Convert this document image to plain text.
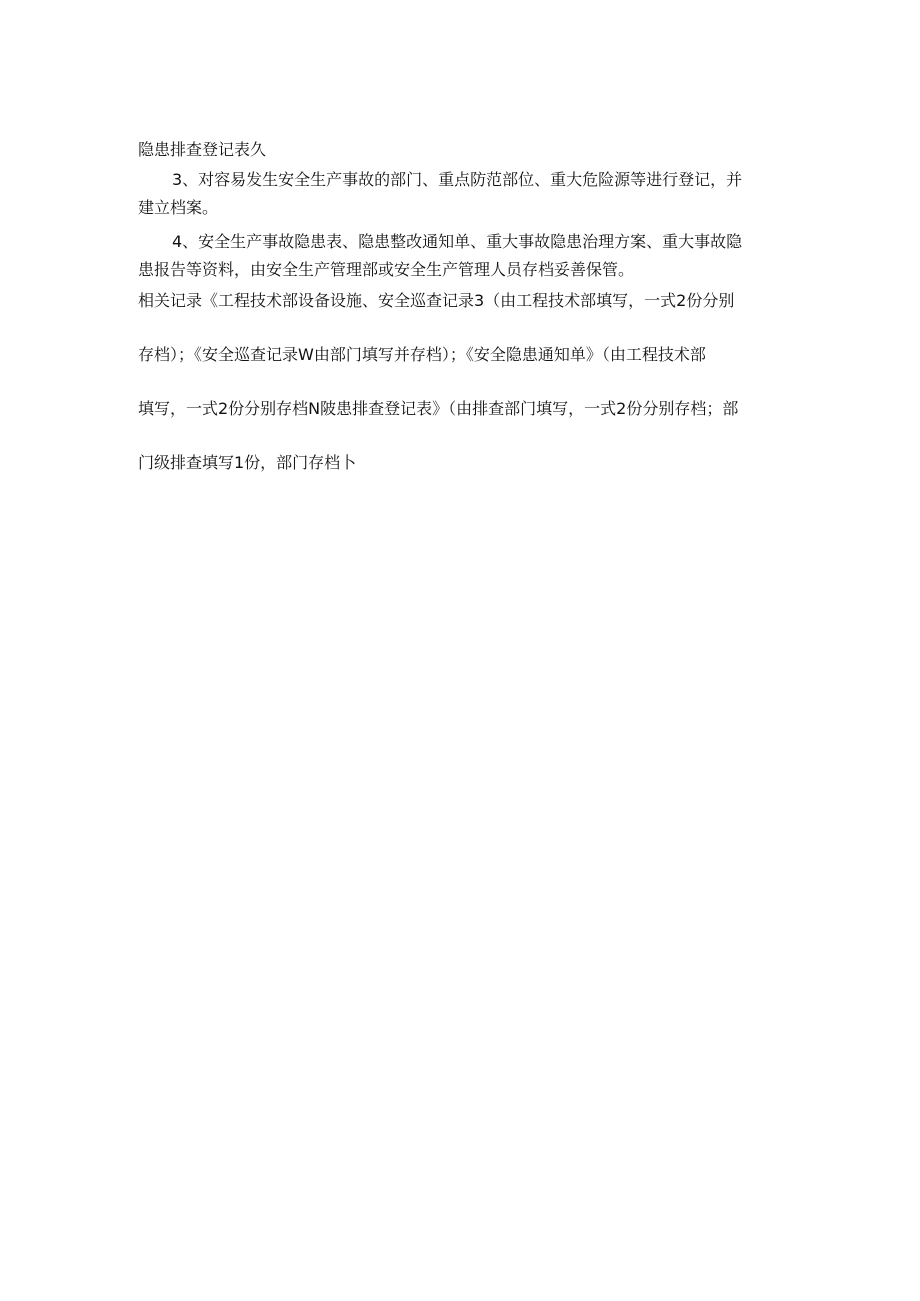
隐患排查登记表久

3、对容易发生安全生产事故的部门、重点防范部位、重大危险源等进行登记，并

建立档案。

4、安全生产事故隐患表、隐患整改通知单、重大事故隐患治理方案、重大事故隐

患报告等资料，由安全生产管理部或安全生产管理人员存档妥善保管。

相关记录《工程技术部设备设施、安全巡查记录3（由工程技术部填写，一式2份分别

存档）；《安全巡查记录W由部门填写并存档）；《安全隐患通知单》（由工程技术部

填写，一式2份分别存档N陂患排查登记表》（由排查部门填写，一式2份分别存档；部

门级排查填写1份，部门存档卜
